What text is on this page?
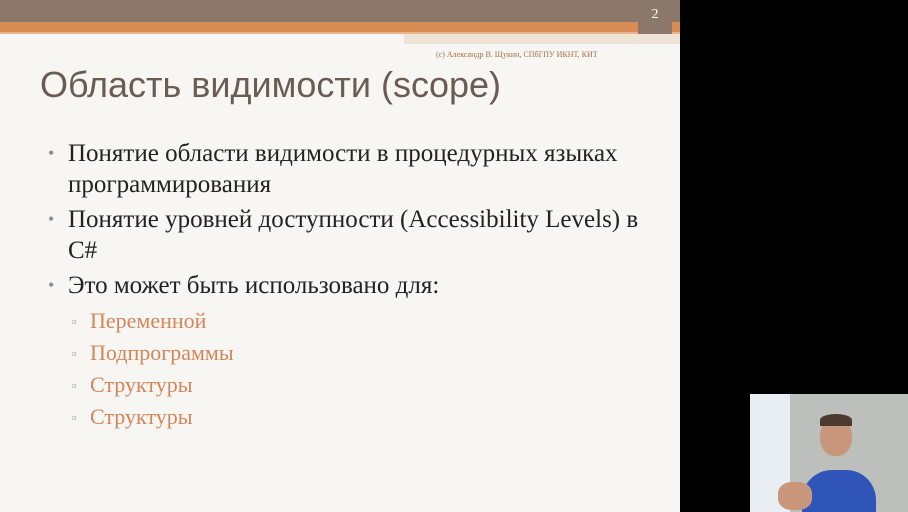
2
(с) Александр В. Щукин, СПбГПУ ИКНТ, КИТ
Область видимости (scope)
• Понятие области видимости в процедурных языках программирования
• Понятие уровней доступности (Accessibility Levels) в C#
• Это может быть использовано для:
▫ Переменной
▫ Подпрограммы
▫ Структуры
▫ Структуры
